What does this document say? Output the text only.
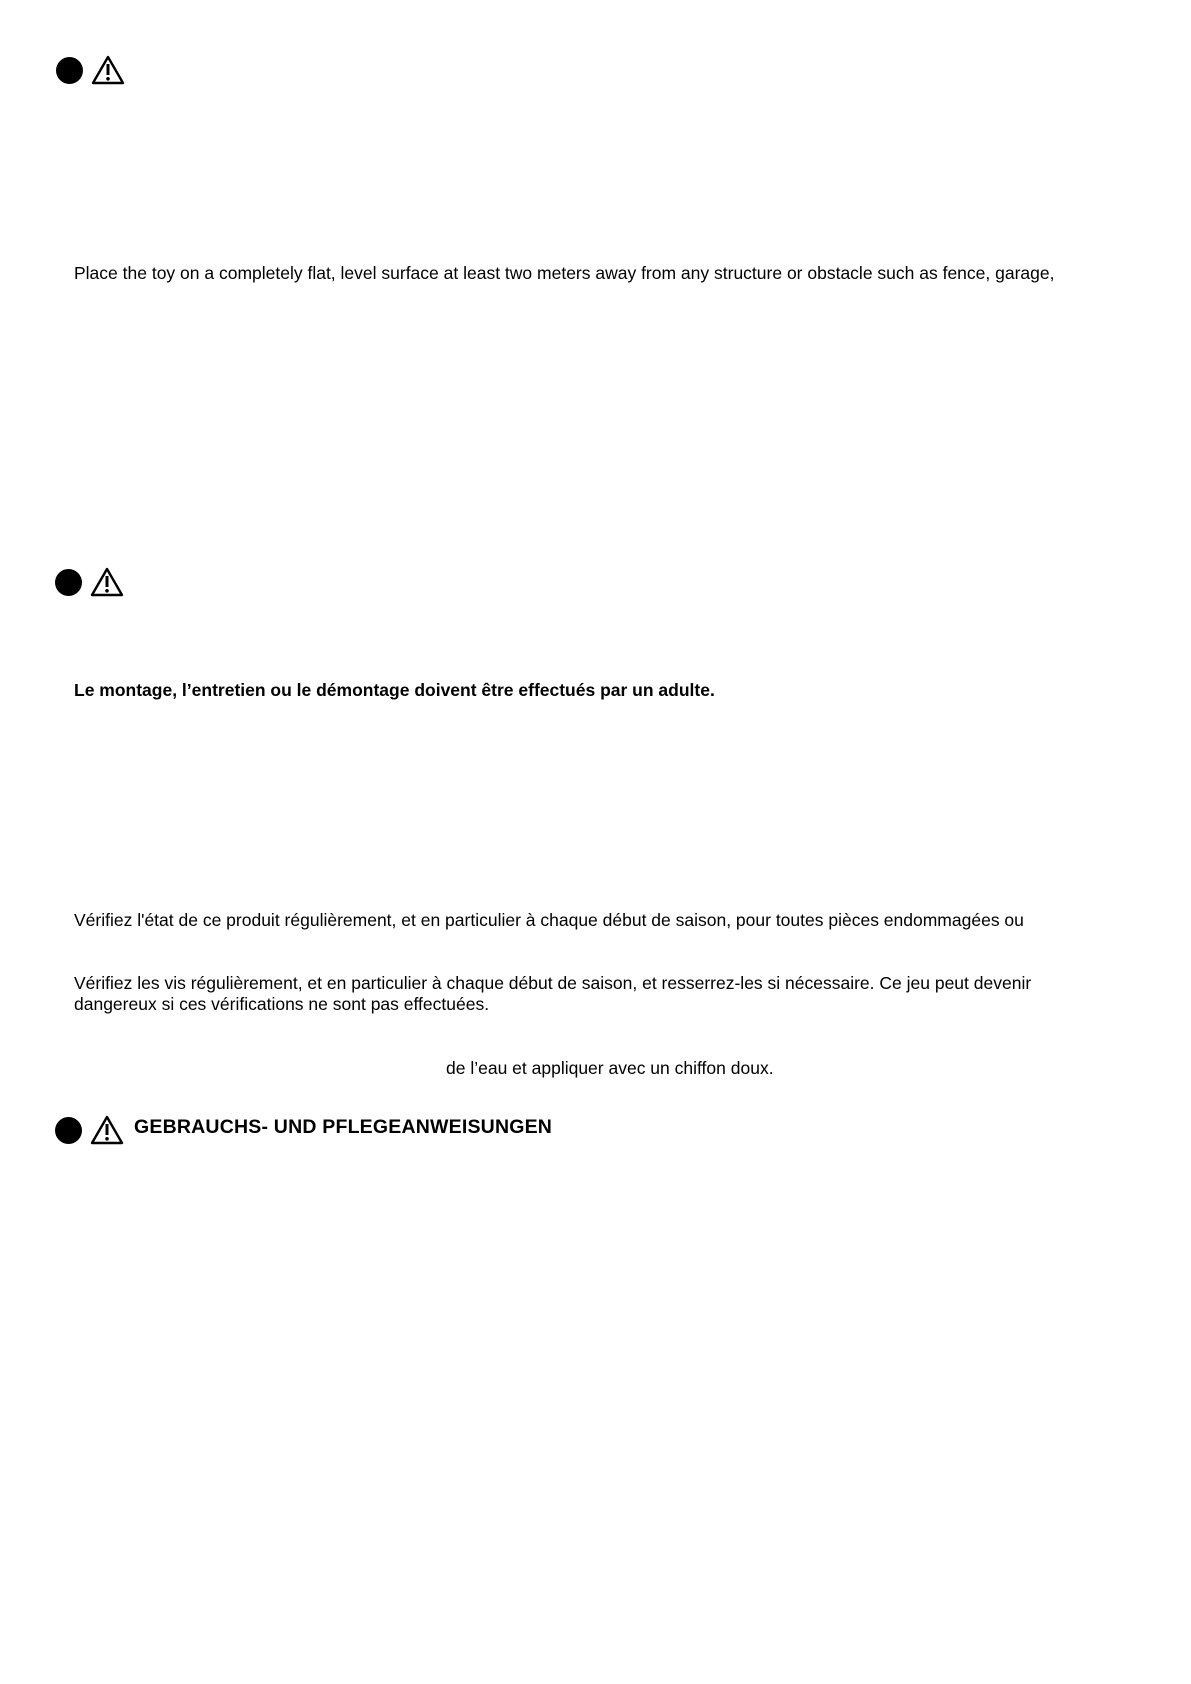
Place the toy on a completely flat, level surface at least two meters away from any structure or obstacle such as fence, garage,
Le montage, l’entretien ou le démontage doivent être effectués par un adulte.
Vérifiez l'état de ce produit régulièrement, et en particulier à chaque début de saison, pour toutes pièces endommagées ou
Vérifiez les vis régulièrement, et en particulier à chaque début de saison, et resserrez-les si nécessaire. Ce jeu peut devenir
dangereux si ces vérifications ne sont pas effectuées.
de l’eau et appliquer avec un chiffon doux.
GEBRAUCHS- UND PFLEGEANWEISUNGEN
